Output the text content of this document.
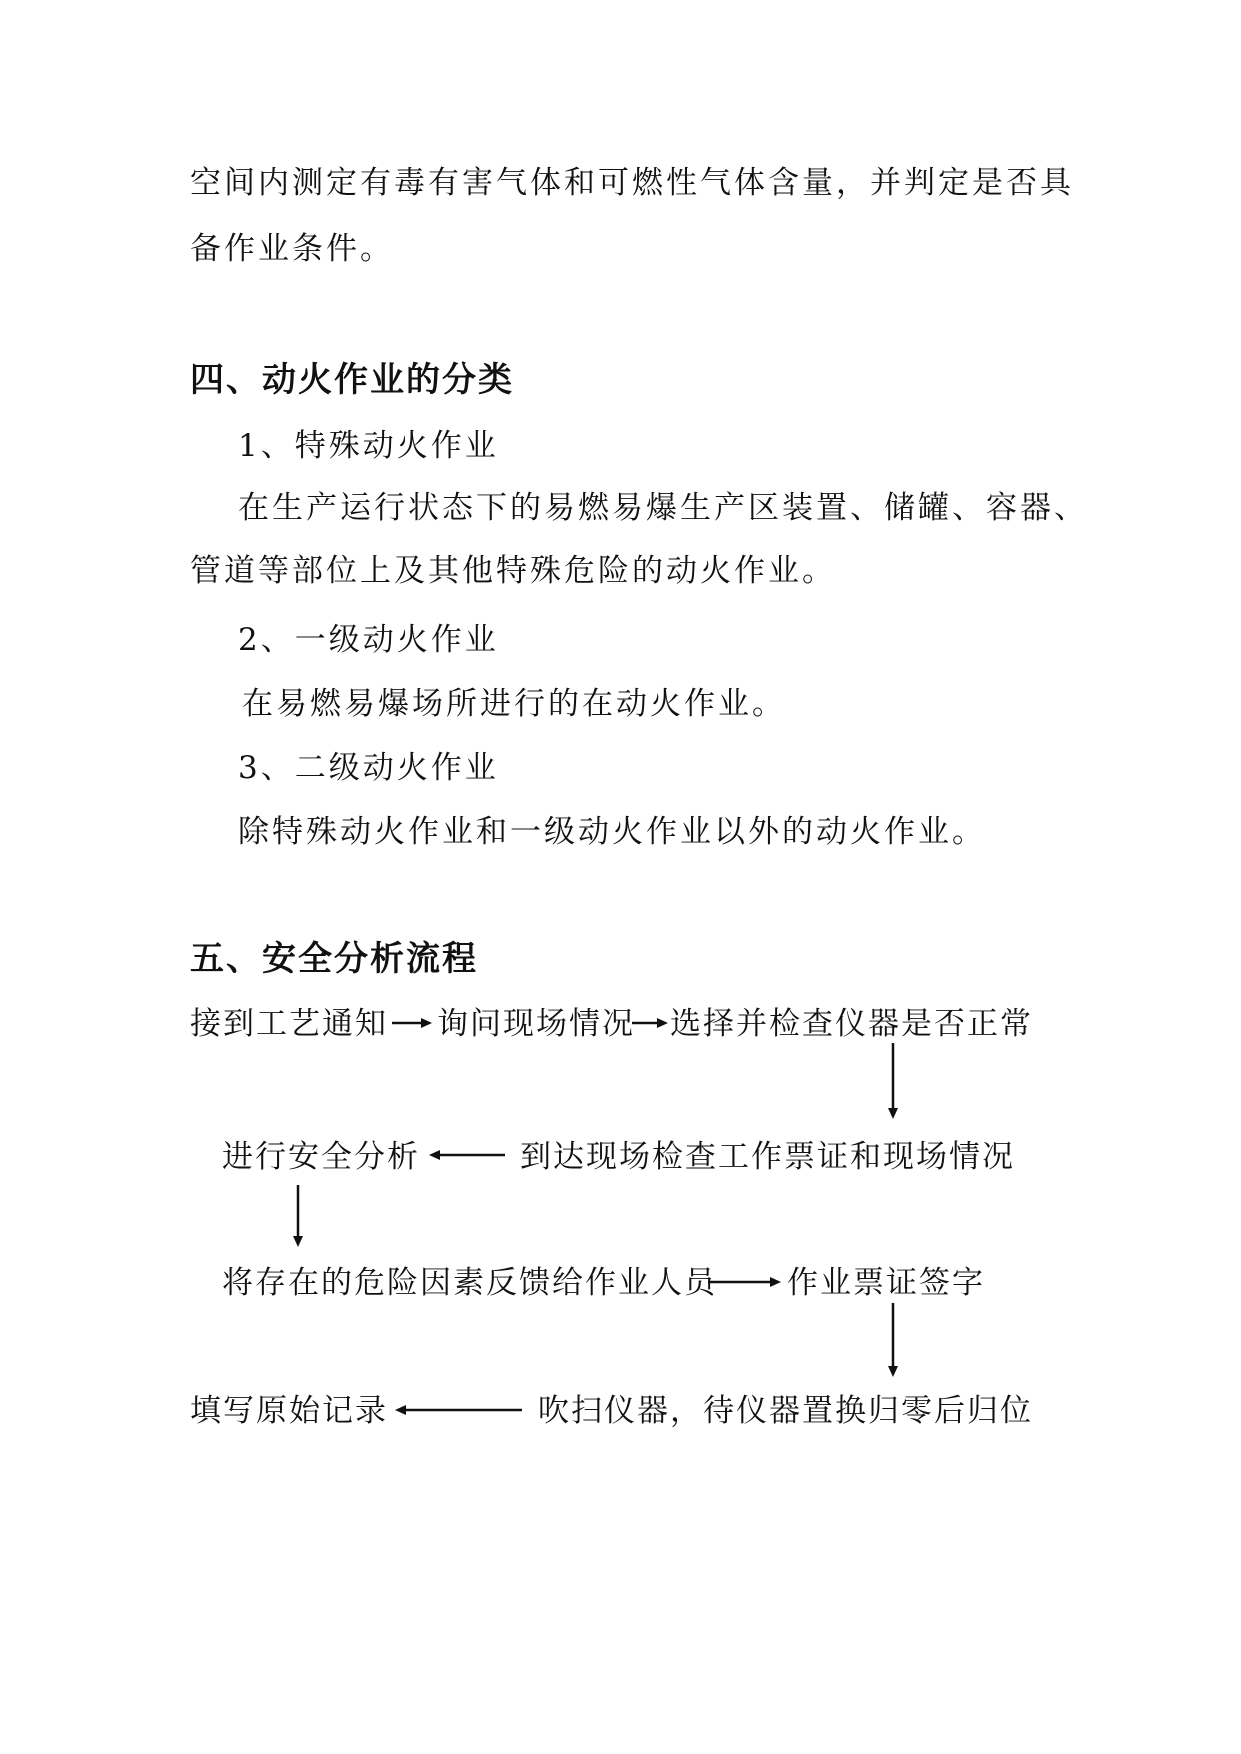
空间内测定有毒有害气体和可燃性气体含量，并判定是否具
备作业条件。
四、动火作业的分类
1、特殊动火作业
在生产运行状态下的易燃易爆生产区装置、储罐、容器、
管道等部位上及其他特殊危险的动火作业。
2、一级动火作业
在易燃易爆场所进行的在动火作业。
3、二级动火作业
除特殊动火作业和一级动火作业以外的动火作业。
五、安全分析流程
接到工艺通知 询问现场情况 选择并检查仪器是否正常
进行安全分析	到达现场检查工作票证和现场情况
将存在的危险因素反馈给作业人员 作业票证签字
填写原始记录	吹扫仪器，待仪器置换归零后归位
